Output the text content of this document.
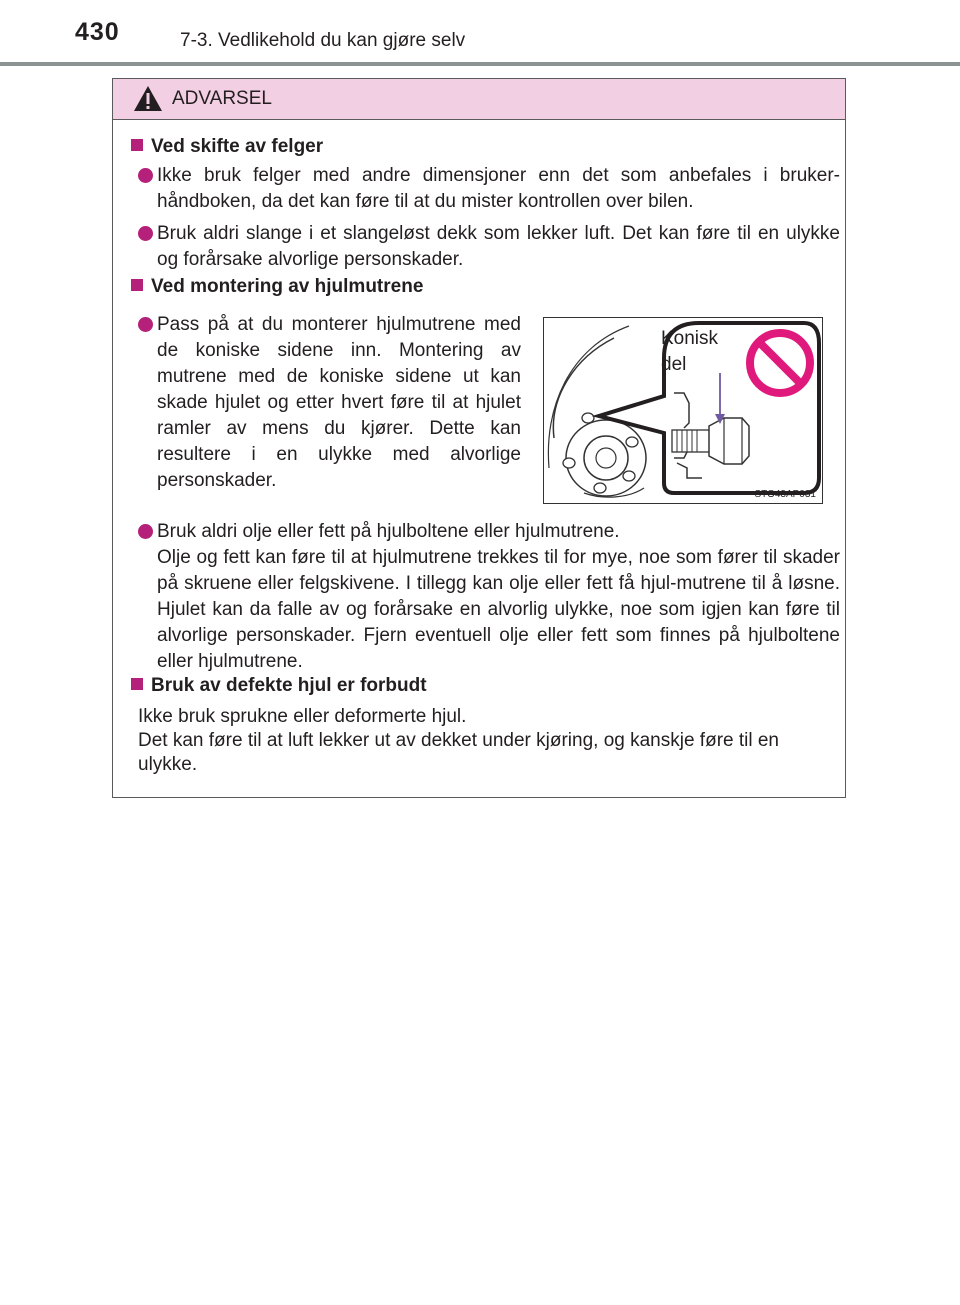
430	7-3. Vedlikehold du kan gjøre selv
ADVARSEL
Ved skifte av felger
Ikke bruk felger med andre dimensjoner enn det som anbefales i bruker-håndboken, da det kan føre til at du mister kontrollen over bilen.
Bruk aldri slange i et slangeløst dekk som lekker luft. Det kan føre til en ulykke og forårsake alvorlige personskader.
Ved montering av hjulmutrene
Pass på at du monterer hjulmutrene med de koniske sidene inn. Montering av mutrene med de koniske sidene ut kan skade hjulet og etter hvert føre til at hjulet ramler av mens du kjører. Dette kan resultere i en ulykke med alvorlige personskader.
Konisk
del
STO43AP031
Bruk aldri olje eller fett på hjulboltene eller hjulmutrene.
Olje og fett kan føre til at hjulmutrene trekkes til for mye, noe som fører til skader på skruene eller felgskivene. I tillegg kan olje eller fett få hjul-mutrene til å løsne. Hjulet kan da falle av og forårsake en alvorlig ulykke, noe som igjen kan føre til alvorlige personskader. Fjern eventuell olje eller fett som finnes på hjulboltene eller hjulmutrene.
Bruk av defekte hjul er forbudt
Ikke bruk sprukne eller deformerte hjul.
Det kan føre til at luft lekker ut av dekket under kjøring, og kanskje føre til en ulykke.
